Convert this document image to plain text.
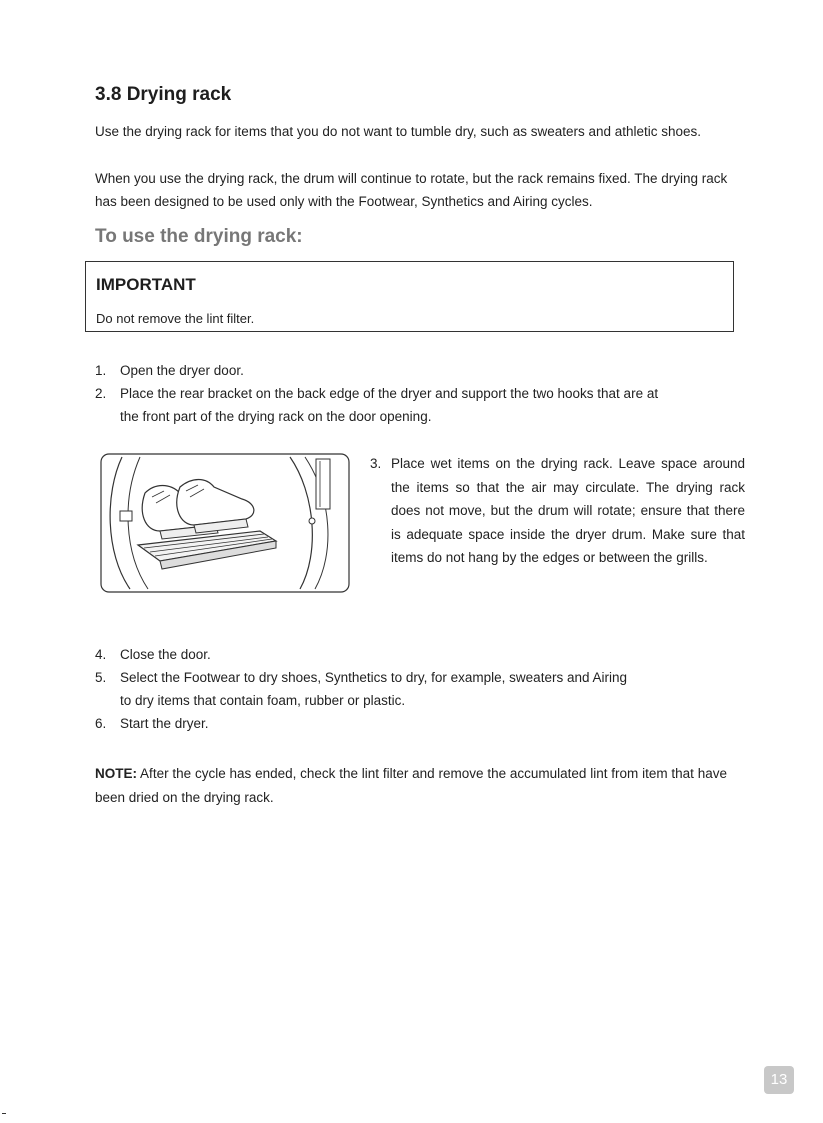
3.8 Drying rack

Use the drying rack for items that you do not want to tumble dry, such as sweaters and athletic shoes.

When you use the drying rack, the drum will continue to rotate, but the rack remains fixed. The drying rack has been designed to be used only with the Footwear, Synthetics and Airing cycles.

To use the drying rack:
IMPORTANT
Do not remove the lint filter.
1.	Open the dryer door.
2.	Place the rear bracket on the back edge of the dryer and support the two hooks that are at
the front part of the drying rack on the door opening.
3. Place wet items on the drying rack. Leave space around the items so that the air may circulate. The drying rack does not move, but the drum will rotate; ensure that there is adequate space inside the dryer drum. Make sure that items do not hang by the edges or between the grills.
4.	Close the door.
5.	Select the Footwear to dry shoes, Synthetics to dry, for example, sweaters and Airing
to dry items that contain foam, rubber or plastic.
6.	Start the dryer.

NOTE: After the cycle has ended, check the lint filter and remove the accumulated lint from item that have been dried on the drying rack.

13
